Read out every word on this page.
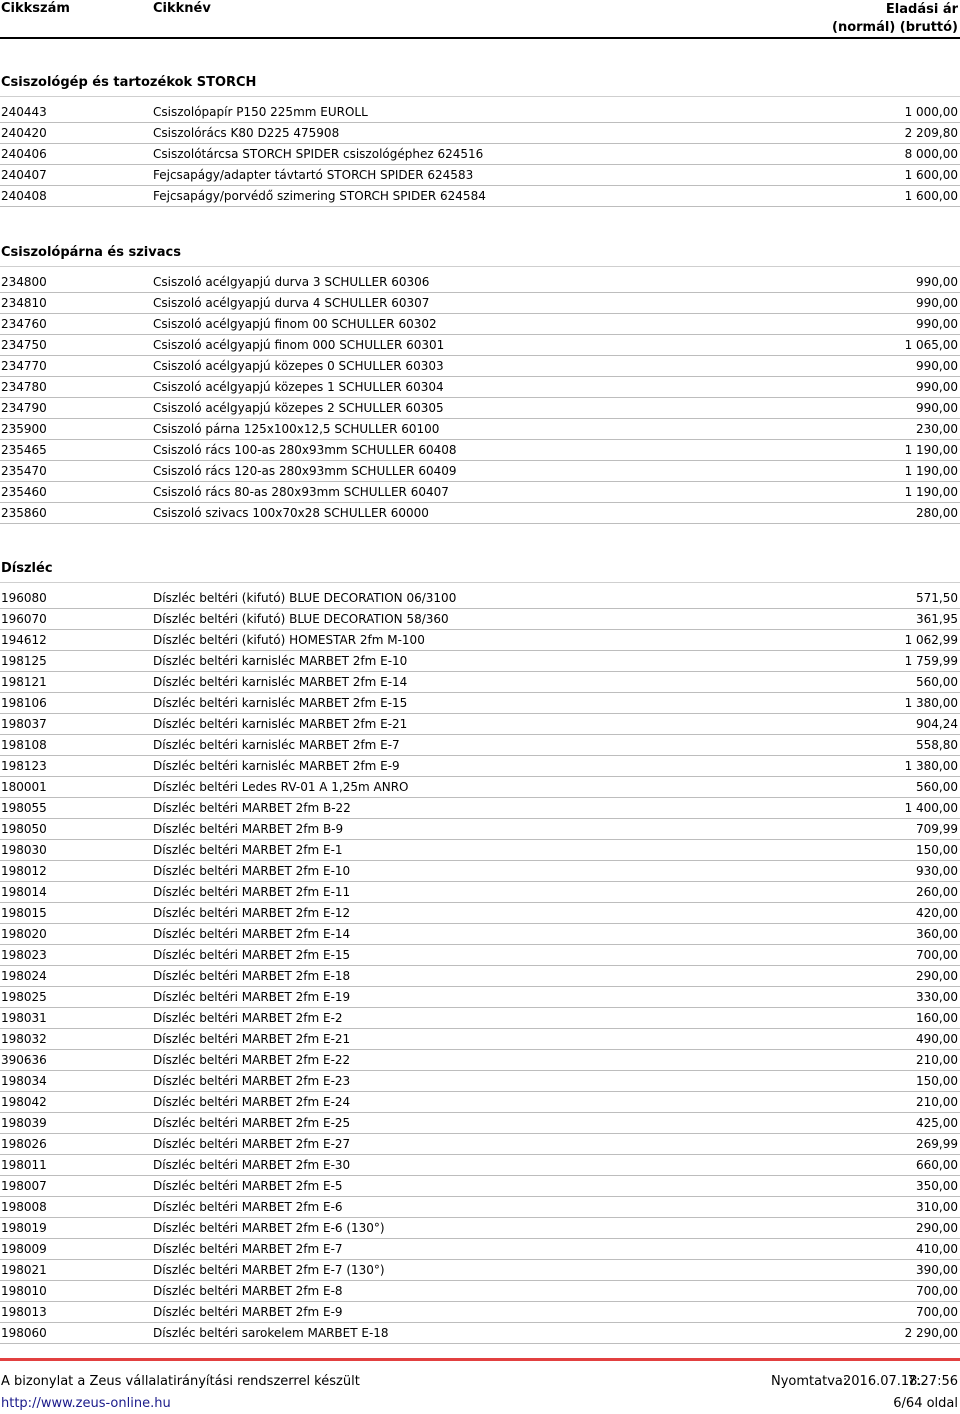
Cikkszám	Cikknév	Eladási ár
(normál) (bruttó)
Csiszológép és tartozékok STORCH
240443	Csiszolópapír P150 225mm EUROLL	1 000,00
240420	Csiszolórács K80 D225 475908	2 209,80
240406	Csiszolótárcsa STORCH SPIDER csiszológéphez 624516	8 000,00
240407	Fejcsapágy/adapter távtartó STORCH SPIDER 624583	1 600,00
240408	Fejcsapágy/porvédő szimering STORCH SPIDER 624584	1 600,00
Csiszolópárna és szivacs
234800	Csiszoló acélgyapjú durva 3 SCHULLER 60306	990,00
234810	Csiszoló acélgyapjú durva 4 SCHULLER 60307	990,00
234760	Csiszoló acélgyapjú finom 00 SCHULLER 60302	990,00
234750	Csiszoló acélgyapjú finom 000 SCHULLER 60301	1 065,00
234770	Csiszoló acélgyapjú közepes 0 SCHULLER 60303	990,00
234780	Csiszoló acélgyapjú közepes 1 SCHULLER 60304	990,00
234790	Csiszoló acélgyapjú közepes 2 SCHULLER 60305	990,00
235900	Csiszoló párna 125x100x12,5 SCHULLER 60100	230,00
235465	Csiszoló rács 100-as 280x93mm SCHULLER 60408	1 190,00
235470	Csiszoló rács 120-as 280x93mm SCHULLER 60409	1 190,00
235460	Csiszoló rács 80-as 280x93mm SCHULLER 60407	1 190,00
235860	Csiszoló szivacs 100x70x28 SCHULLER 60000	280,00
Díszléc
196080	Díszléc beltéri (kifutó) BLUE DECORATION 06/3100	571,50
196070	Díszléc beltéri (kifutó) BLUE DECORATION 58/360	361,95
194612	Díszléc beltéri (kifutó) HOMESTAR 2fm M-100	1 062,99
198125	Díszléc beltéri karnisléc MARBET 2fm E-10	1 759,99
198121	Díszléc beltéri karnisléc MARBET 2fm E-14	560,00
198106	Díszléc beltéri karnisléc MARBET 2fm E-15	1 380,00
198037	Díszléc beltéri karnisléc MARBET 2fm E-21	904,24
198108	Díszléc beltéri karnisléc MARBET 2fm E-7	558,80
198123	Díszléc beltéri karnisléc MARBET 2fm E-9	1 380,00
180001	Díszléc beltéri Ledes RV-01 A 1,25m ANRO	560,00
198055	Díszléc beltéri MARBET 2fm B-22	1 400,00
198050	Díszléc beltéri MARBET 2fm B-9	709,99
198030	Díszléc beltéri MARBET 2fm E-1	150,00
198012	Díszléc beltéri MARBET 2fm E-10	930,00
198014	Díszléc beltéri MARBET 2fm E-11	260,00
198015	Díszléc beltéri MARBET 2fm E-12	420,00
198020	Díszléc beltéri MARBET 2fm E-14	360,00
198023	Díszléc beltéri MARBET 2fm E-15	700,00
198024	Díszléc beltéri MARBET 2fm E-18	290,00
198025	Díszléc beltéri MARBET 2fm E-19	330,00
198031	Díszléc beltéri MARBET 2fm E-2	160,00
198032	Díszléc beltéri MARBET 2fm E-21	490,00
390636	Díszléc beltéri MARBET 2fm E-22	210,00
198034	Díszléc beltéri MARBET 2fm E-23	150,00
198042	Díszléc beltéri MARBET 2fm E-24	210,00
198039	Díszléc beltéri MARBET 2fm E-25	425,00
198026	Díszléc beltéri MARBET 2fm E-27	269,99
198011	Díszléc beltéri MARBET 2fm E-30	660,00
198007	Díszléc beltéri MARBET 2fm E-5	350,00
198008	Díszléc beltéri MARBET 2fm E-6	310,00
198019	Díszléc beltéri MARBET 2fm E-6 (130°)	290,00
198009	Díszléc beltéri MARBET 2fm E-7	410,00
198021	Díszléc beltéri MARBET 2fm E-7 (130°)	390,00
198010	Díszléc beltéri MARBET 2fm E-8	700,00
198013	Díszléc beltéri MARBET 2fm E-9	700,00
198060	Díszléc beltéri sarokelem MARBET E-18	2 290,00
A bizonylat a Zeus vállalatirányítási rendszerrel készült	Nyomtatva:
2016.07.18.
7:27:56
http://www.zeus-online.hu	6/64 oldal
